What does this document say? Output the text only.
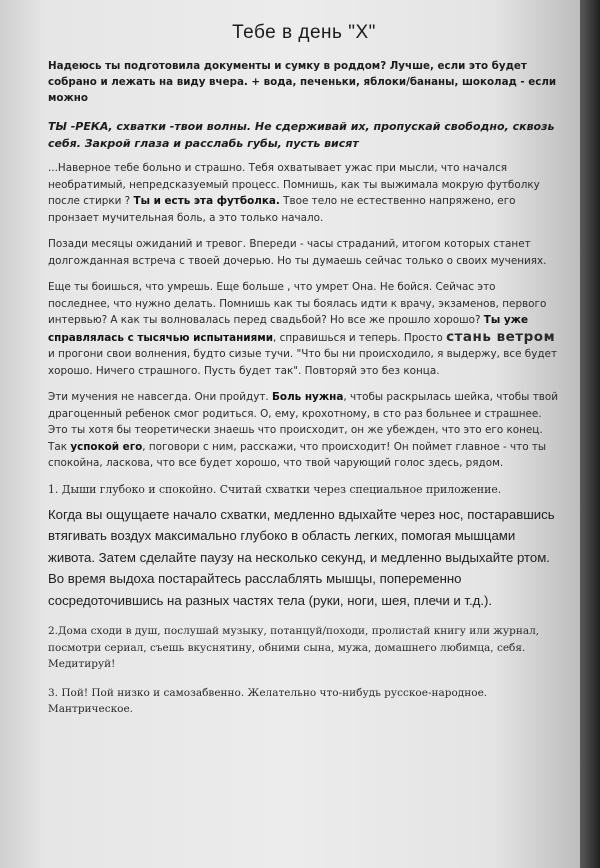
Тебе в день "Х"

Надеюсь ты подготовила документы и сумку в роддом? Лучше, если это будет собрано и лежать на виду вчера. + вода, печеньки, яблоки/бананы, шоколад - если можно

ТЫ -РЕКА, схватки -твои волны. Не сдерживай их, пропускай свободно, сквозь себя. Закрой глаза и расслабь губы, пусть висят

...Наверное тебе больно и страшно. Тебя охватывает ужас при мысли, что начался необратимый, непредсказуемый процесс. Помнишь, как ты выжимала мокрую футболку после стирки ? Ты и есть эта футболка. Твое тело не естественно напряжено, его пронзает мучительная боль, а это только начало.

Позади месяцы ожиданий и тревог. Впереди - часы страданий, итогом которых станет долгожданная встреча с твоей дочерью. Но ты думаешь сейчас только о своих мучениях.

Еще ты боишься, что умрешь. Еще больше , что умрет Она. Не бойся. Сейчас это последнее, что нужно делать. Помнишь как ты боялась идти к врачу, экзаменов, первого интервью? А как ты волновалась перед свадьбой? Но все же прошло хорошо? Ты уже справлялась с тысячью испытаниями, справишься и теперь. Просто стань ветром и прогони свои волнения, будто сизые тучи. "Что бы ни происходило, я выдержу, все будет хорошо. Ничего страшного. Пусть будет так". Повторяй это без конца.

Эти мучения не навсегда. Они пройдут. Боль нужна, чтобы раскрылась шейка, чтобы твой драгоценный ребенок смог родиться. О, ему, крохотному, в сто раз больнее и страшнее. Это ты хотя бы теоретически знаешь что происходит, он же убежден, что это его конец. Так успокой его, поговори с ним, расскажи, что происходит! Он поймет главное - что ты спокойна, ласкова, что все будет хорошо, что твой чарующий голос здесь, рядом.

1. Дыши глубоко и спокойно. Считай схватки через специальное приложение.

Когда вы ощущаете начало схватки, медленно вдыхайте через нос, постаравшись втягивать воздух максимально глубоко в область легких, помогая мышцами живота. Затем сделайте паузу на несколько секунд, и медленно выдыхайте ртом. Во время выдоха постарайтесь расслаблять мышцы, попеременно сосредоточившись на разных частях тела (руки, ноги, шея, плечи и т.д.).

2.Дома сходи в душ, послушай музыку, потанцуй/походи, пролистай книгу или журнал, посмотри сериал, съешь вкуснятину, обними сына, мужа, домашнего любимца, себя. Медитируй!

3. Пой! Пой низко и самозабвенно. Желательно что-нибудь русское-народное. Мантрическое.
